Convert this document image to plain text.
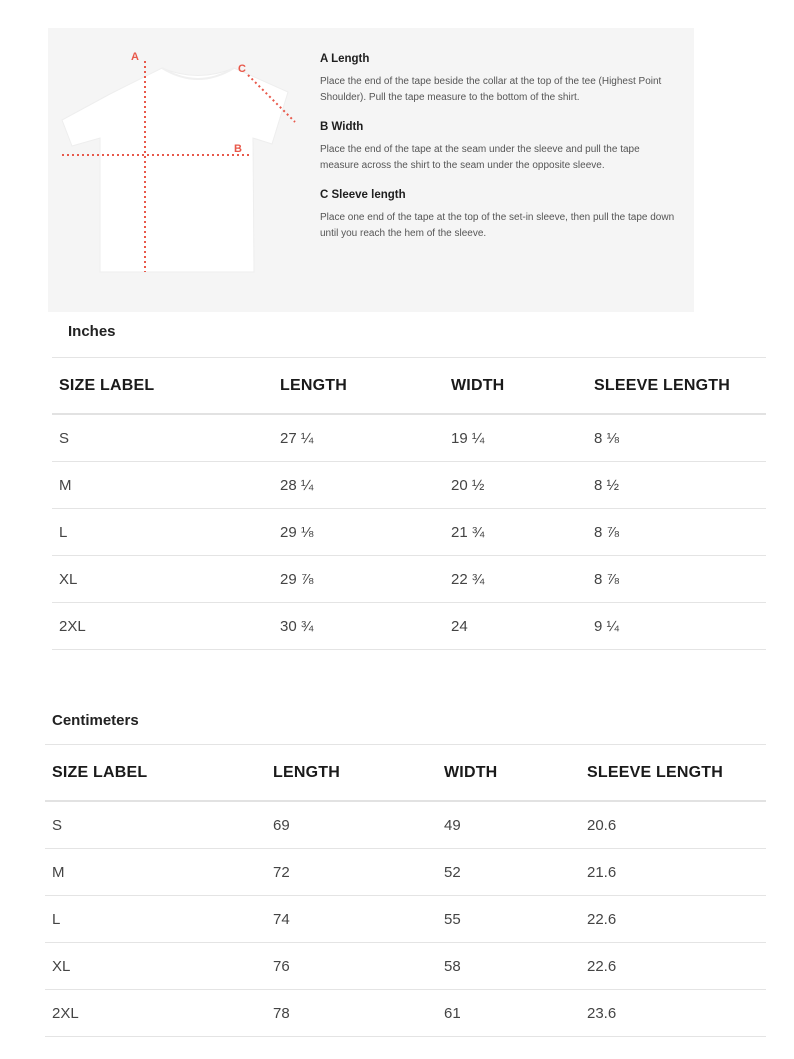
A
B
C
A Length
Place the end of the tape beside the collar at the top of the tee (Highest Point Shoulder). Pull the tape measure to the bottom of the shirt.
B Width
Place the end of the tape at the seam under the sleeve and pull the tape measure across the shirt to the seam under the opposite sleeve.
C Sleeve length
Place one end of the tape at the top of the set-in sleeve, then pull the tape down until you reach the hem of the sleeve.
Inches
SIZE LABEL	LENGTH	WIDTH	SLEEVE LENGTH
S	27 ¼	19 ¼	8 ⅛
M	28 ¼	20 ½	8 ½
L	29 ⅛	21 ¾	8 ⅞
XL	29 ⅞	22 ¾	8 ⅞
2XL	30 ¾	24	9 ¼
Centimeters
SIZE LABEL	LENGTH	WIDTH	SLEEVE LENGTH
S	69	49	20.6
M	72	52	21.6
L	74	55	22.6
XL	76	58	22.6
2XL	78	61	23.6
